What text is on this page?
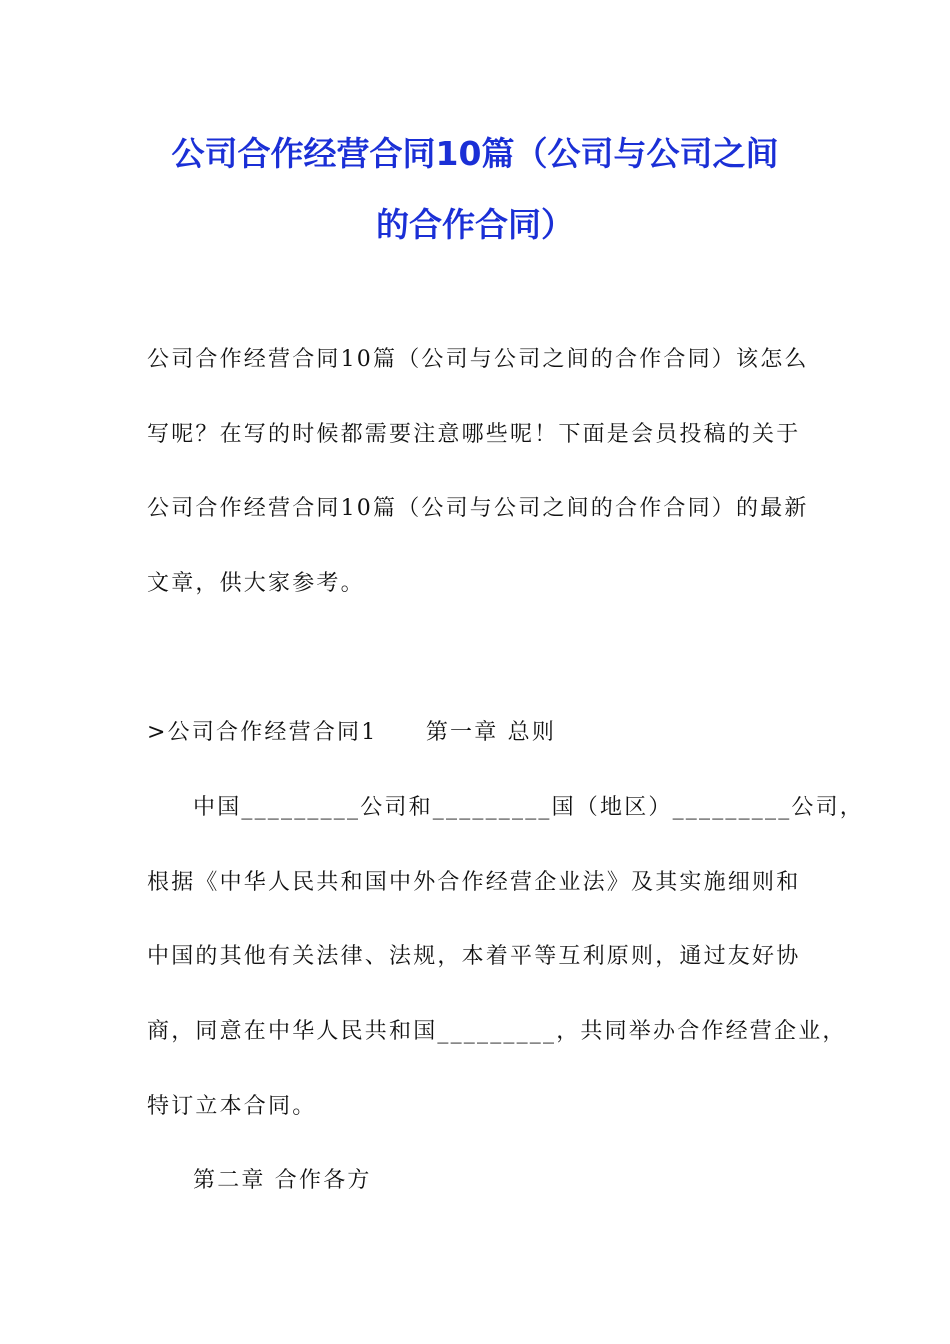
公司合作经营合同10篇（公司与公司之间
的合作合同）
公司合作经营合同10篇（公司与公司之间的合作合同）该怎么
写呢？在写的时候都需要注意哪些呢！下面是会员投稿的关于
公司合作经营合同10篇（公司与公司之间的合作合同）的最新
文章，供大家参考。
>公司合作经营合同1　　第一章 总则
中国_________公司和_________国（地区）_________公司，
根据《中华人民共和国中外合作经营企业法》及其实施细则和
中国的其他有关法律、法规，本着平等互利原则，通过友好协
商，同意在中华人民共和国_________，共同举办合作经营企业，
特订立本合同。
第二章 合作各方
